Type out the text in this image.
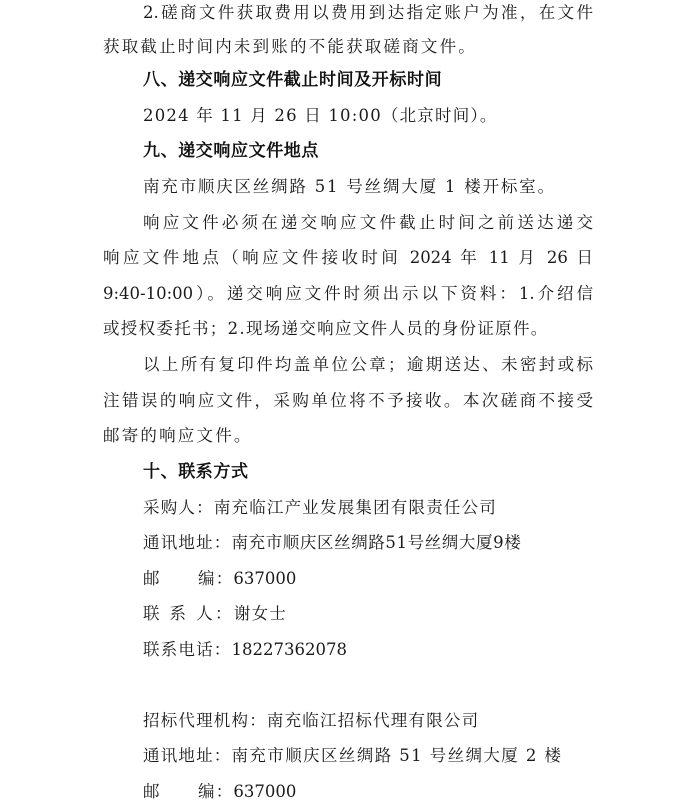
2.磋商文件获取费用以费用到达指定账户为准，在文件
获取截止时间内未到账的不能获取磋商文件。
八、递交响应文件截止时间及开标时间
2024 年 11 月 26 日 10:00（北京时间）。
九、递交响应文件地点
南充市顺庆区丝绸路 51 号丝绸大厦 1 楼开标室。
响应文件必须在递交响应文件截止时间之前送达递交
响应文件地点（响应文件接收时间 2024 年 11 月 26 日
9:40-10:00）。递交响应文件时须出示以下资料：1.介绍信
或授权委托书；2.现场递交响应文件人员的身份证原件。
以上所有复印件均盖单位公章；逾期送达、未密封或标
注错误的响应文件，采购单位将不予接收。本次磋商不接受
邮寄的响应文件。
十、联系方式
采购人：南充临江产业发展集团有限责任公司
通讯地址：南充市顺庆区丝绸路51号丝绸大厦9楼
邮 编：637000
联 系 人：谢女士
联系电话：18227362078
招标代理机构：南充临江招标代理有限公司
通讯地址：南充市顺庆区丝绸路 51 号丝绸大厦 2 楼
邮 编：637000
